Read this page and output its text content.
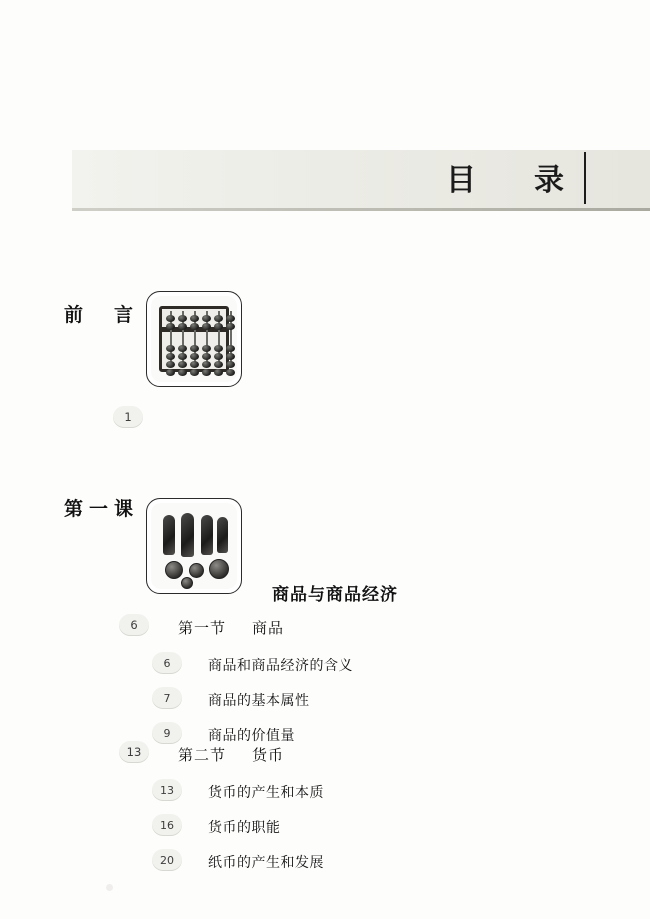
目　录
前　言
1
第一课
商品与商品经济
6	第一节 商品
6	商品和商品经济的含义
7	商品的基本属性
9	商品的价值量
13	第二节 货币
13	货币的产生和本质
16	货币的职能
20	纸币的产生和发展
